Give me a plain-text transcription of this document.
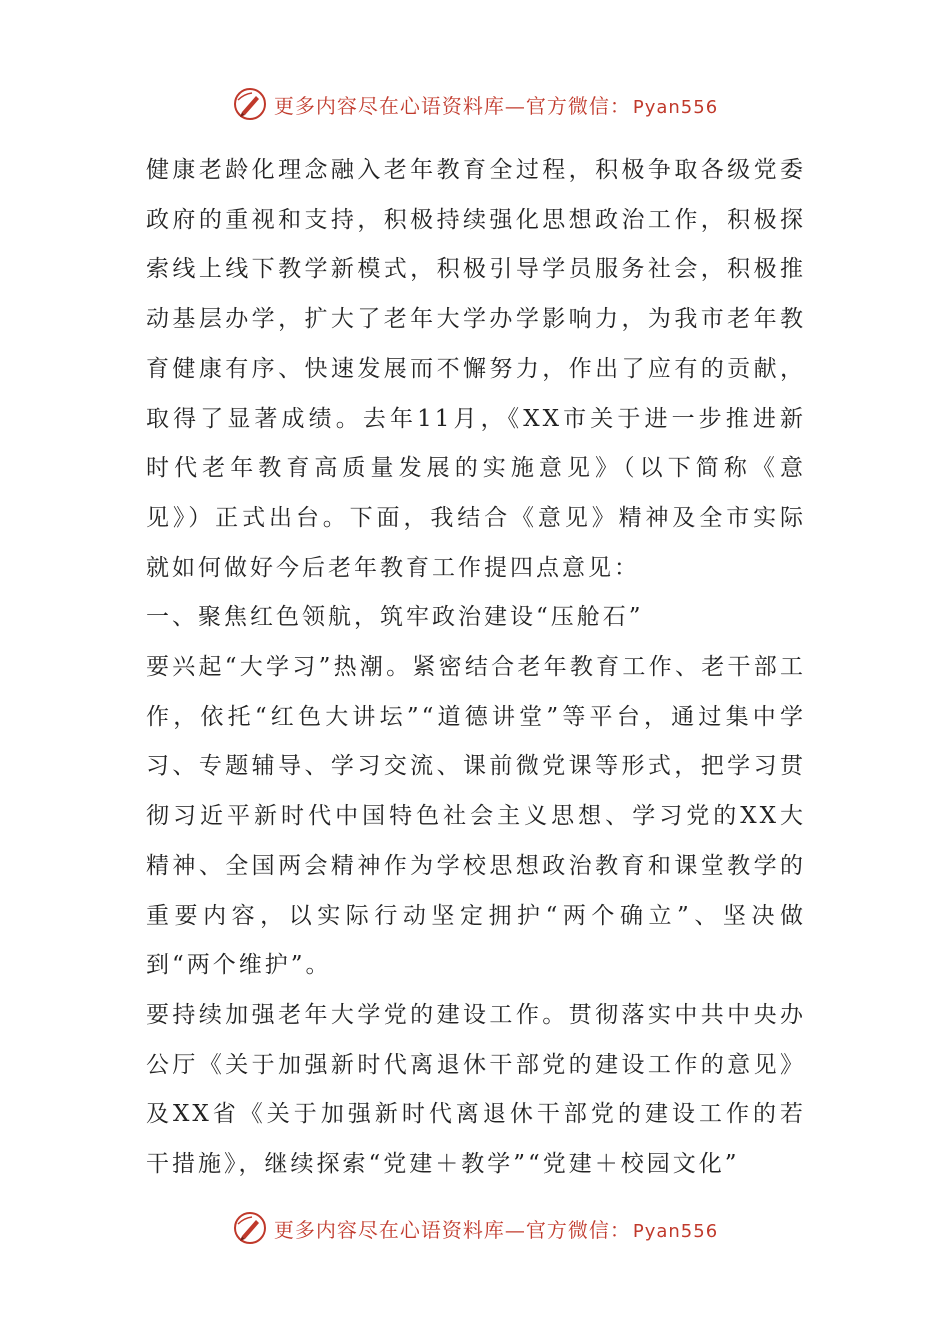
更多内容尽在心语资料库—官方微信： Pyan556

健康老龄化理念融入老年教育全过程，积极争取各级党委政府的重视和支持，积极持续强化思想政治工作，积极探索线上线下教学新模式，积极引导学员服务社会，积极推动基层办学，扩大了老年大学办学影响力，为我市老年教育健康有序、快速发展而不懈努力，作出了应有的贡献，取得了显著成绩。去年11月，《XX市关于进一步推进新时代老年教育高质量发展的实施意见》（以下简称《意见》）正式出台。下面，我结合《意见》精神及全市实际就如何做好今后老年教育工作提四点意见：

一、聚焦红色领航，筑牢政治建设“压舱石”

要兴起“大学习”热潮。紧密结合老年教育工作、老干部工作，依托“红色大讲坛”“道德讲堂”等平台，通过集中学习、专题辅导、学习交流、课前微党课等形式，把学习贯彻习近平新时代中国特色社会主义思想、学习党的XX大精神、全国两会精神作为学校思想政治教育和课堂教学的重要内容，以实际行动坚定拥护“两个确立”、坚决做到“两个维护”。

要持续加强老年大学党的建设工作。贯彻落实中共中央办公厅《关于加强新时代离退休干部党的建设工作的意见》及XX省《关于加强新时代离退休干部党的建设工作的若干措施》，继续探索“党建＋教学”“党建＋校园文化”

更多内容尽在心语资料库—官方微信： Pyan556
